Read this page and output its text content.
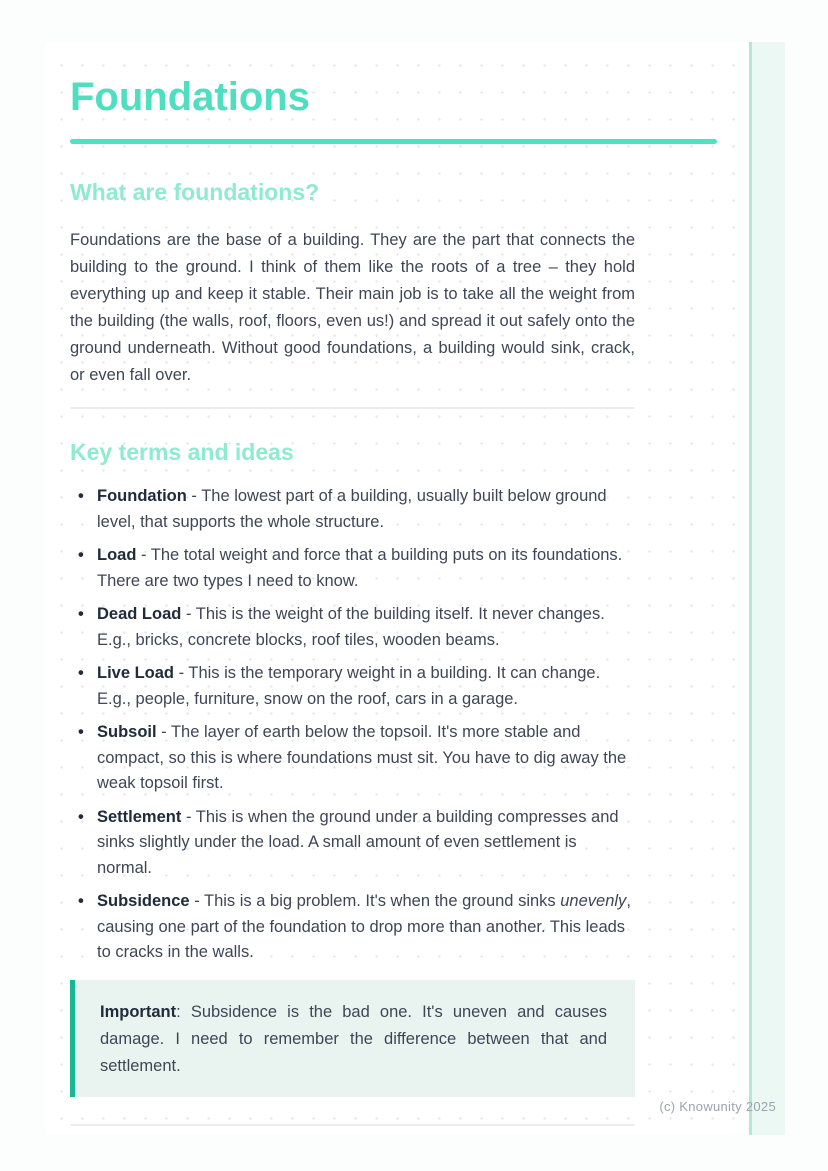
Foundations
What are foundations?

Foundations are the base of a building. They are the part that connects the building to the ground. I think of them like the roots of a tree – they hold everything up and keep it stable. Their main job is to take all the weight from the building (the walls, roof, floors, even us!) and spread it out safely onto the ground underneath. Without good foundations, a building would sink, crack, or even fall over.

Key terms and ideas
• Foundation - The lowest part of a building, usually built below ground level, that supports the whole structure.
• Load - The total weight and force that a building puts on its foundations. There are two types I need to know.
• Dead Load - This is the weight of the building itself. It never changes. E.g., bricks, concrete blocks, roof tiles, wooden beams.
• Live Load - This is the temporary weight in a building. It can change. E.g., people, furniture, snow on the roof, cars in a garage.
• Subsoil - The layer of earth below the topsoil. It's more stable and compact, so this is where foundations must sit. You have to dig away the weak topsoil first.
• Settlement - This is when the ground under a building compresses and sinks slightly under the load. A small amount of even settlement is normal.
• Subsidence - This is a big problem. It's when the ground sinks unevenly, causing one part of the foundation to drop more than another. This leads to cracks in the walls.

Important: Subsidence is the bad one. It's uneven and causes damage. I need to remember the difference between that and settlement.

(c) Knowunity 2025
